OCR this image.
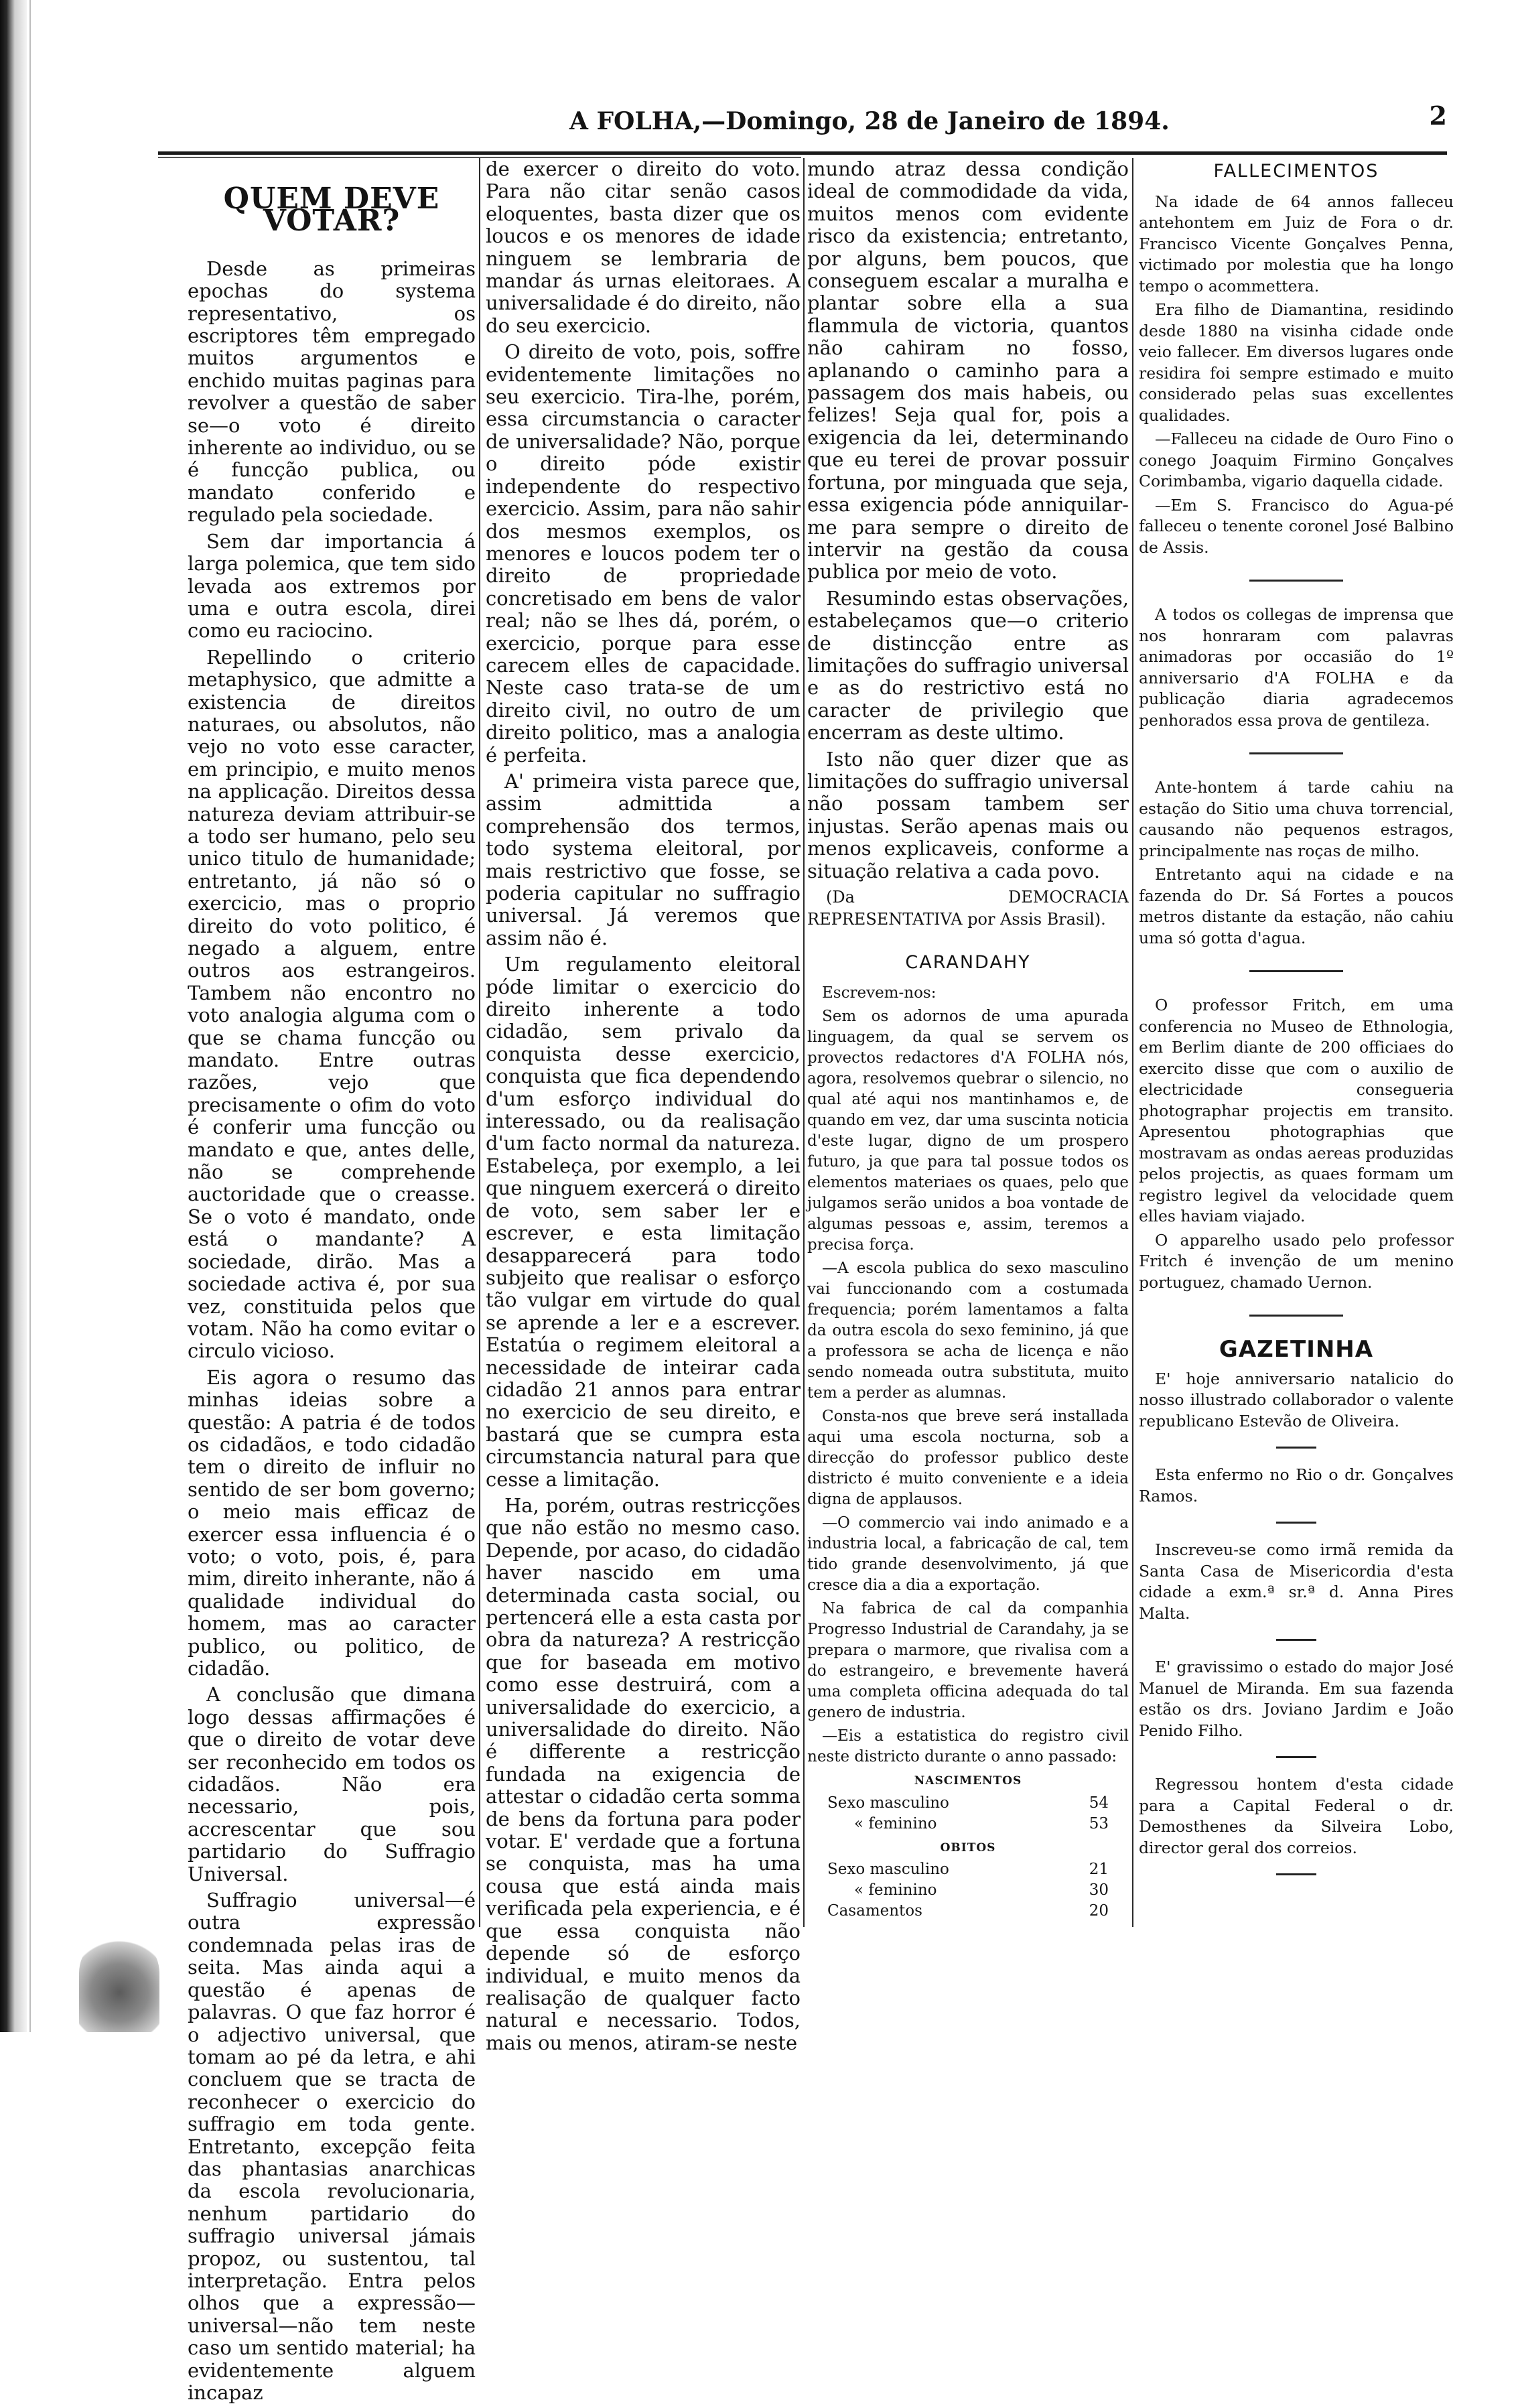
A FOLHA,—Domingo, 28 de Janeiro de 1894.	2
QUEM DEVE VOTAR?

Desde as primeiras epochas do systema representativo, os escriptores têm empregado muitos argumentos e enchido muitas paginas para revolver a questão de saber se—o voto é direito inherente ao individuo, ou se é funcção publica, ou mandato conferido e regulado pela sociedade.

Sem dar importancia á larga polemica, que tem sido levada aos extremos por uma e outra escola, direi como eu raciocino.

Repellindo o criterio metaphysico, que admitte a existencia de direitos naturaes, ou absolutos, não vejo no voto esse caracter, em principio, e muito menos na applicação. Direitos dessa natureza deviam attribuir-se a todo ser humano, pelo seu unico titulo de humanidade; entretanto, já não só o exercicio, mas o proprio direito do voto politico, é negado a alguem, entre outros aos estrangeiros. Tambem não encontro no voto analogia alguma com o que se chama funcção ou mandato. Entre outras razões, vejo que precisamente o ofim do voto é conferir uma funcção ou mandato e que, antes delle, não se comprehende auctoridade que o creasse. Se o voto é mandato, onde está o mandante? A sociedade, dirão. Mas a sociedade activa é, por sua vez, constituida pelos que votam. Não ha como evitar o circulo vicioso.

Eis agora o resumo das minhas ideias sobre a questão: A patria é de todos os cidadãos, e todo cidadão tem o direito de influir no sentido de ser bom governo; o meio mais efficaz de exercer essa influencia é o voto; o voto, pois, é, para mim, direito inherante, não á qualidade individual do homem, mas ao caracter publico, ou politico, de cidadão.

A conclusão que dimana logo dessas affirmações é que o direito de votar deve ser reconhecido em todos os cidadãos. Não era necessario, pois, accrescentar que sou partidario do Suffragio Universal.

Suffragio universal—é outra expressão condemnada pelas iras de seita. Mas ainda aqui a questão é apenas de palavras. O que faz horror é o adjectivo universal, que tomam ao pé da letra, e ahi concluem que se tracta de reconhecer o exercicio do suffragio em toda gente. Entretanto, excepção feita das phantasias anarchicas da escola revolucionaria, nenhum partidario do suffragio universal jámais propoz, ou sustentou, tal interpretação. Entra pelos olhos que a expressão—universal—não tem neste caso um sentido material; ha evidentemente alguem incapaz

de exercer o direito do voto. Para não citar senão casos eloquentes, basta dizer que os loucos e os menores de idade ninguem se lembraria de mandar ás urnas eleitoraes. A universalidade é do direito, não do seu exercicio.

O direito de voto, pois, soffre evidentemente limitações no seu exercicio. Tira-lhe, porém, essa circumstancia o caracter de universalidade? Não, porque o direito póde existir independente do respectivo exercicio. Assim, para não sahir dos mesmos exemplos, os menores e loucos podem ter o direito de propriedade concretisado em bens de valor real; não se lhes dá, porém, o exercicio, porque para esse carecem elles de capacidade. Neste caso trata-se de um direito civil, no outro de um direito politico, mas a analogia é perfeita.

A' primeira vista parece que, assim admittida a comprehensão dos termos, todo systema eleitoral, por mais restrictivo que fosse, se poderia capitular no suffragio universal. Já veremos que assim não é.

Um regulamento eleitoral póde limitar o exercicio do direito inherente a todo cidadão, sem privalo da conquista desse exercicio, conquista que fica dependendo d'um esforço individual do interessado, ou da realisação d'um facto normal da natureza. Estabeleça, por exemplo, a lei que ninguem exercerá o direito de voto, sem saber ler e escrever, e esta limitação desapparecerá para todo subjeito que realisar o esforço tão vulgar em virtude do qual se aprende a ler e a escrever. Estatúa o regimem eleitoral a necessidade de inteirar cada cidadão 21 annos para entrar no exercicio de seu direito, e bastará que se cumpra esta circumstancia natural para que cesse a limitação.

Ha, porém, outras restricções que não estão no mesmo caso. Depende, por acaso, do cidadão haver nascido em uma determinada casta social, ou pertencerá elle a esta casta por obra da natureza? A restricção que for baseada em motivo como esse destruirá, com a universalidade do exercicio, a universalidade do direito. Não é differente a restricção fundada na exigencia de attestar o cidadão certa somma de bens da fortuna para poder votar. E' verdade que a fortuna se conquista, mas ha uma cousa que está ainda mais verificada pela experiencia, e é que essa conquista não depende só de esforço individual, e muito menos da realisação de qualquer facto natural e necessario. Todos, mais ou menos, atiram-se neste

mundo atraz dessa condição ideal de commodidade da vida, muitos menos com evidente risco da existencia; entretanto, por alguns, bem poucos, que conseguem escalar a muralha e plantar sobre ella a sua flammula de victoria, quantos não cahiram no fosso, aplanando o caminho para a passagem dos mais habeis, ou felizes! Seja qual for, pois a exigencia da lei, determinando que eu terei de provar possuir fortuna, por minguada que seja, essa exigencia póde anniquilar-me para sempre o direito de intervir na gestão da cousa publica por meio de voto.

Resumindo estas observações, estabeleçamos que—o criterio de distincção entre as limitações do suffragio universal e as do restrictivo está no caracter de privilegio que encerram as deste ultimo.

Isto não quer dizer que as limitações do suffragio universal não possam tambem ser injustas. Serão apenas mais ou menos explicaveis, conforme a situação relativa a cada povo.

(Da DEMOCRACIA REPRESENTATIVA por Assis Brasil).

CARANDAHY

Escrevem-nos:

Sem os adornos de uma apurada linguagem, da qual se servem os provectos redactores d'A FOLHA nós, agora, resolvemos quebrar o silencio, no qual até aqui nos mantinhamos e, de quando em vez, dar uma suscinta noticia d'este lugar, digno de um prospero futuro, ja que para tal possue todos os elementos materiaes os quaes, pelo que julgamos serão unidos a boa vontade de algumas pessoas e, assim, teremos a precisa força.

—A escola publica do sexo masculino vai funccionando com a costumada frequencia; porém lamentamos a falta da outra escola do sexo feminino, já que a professora se acha de licença e não sendo nomeada outra substituta, muito tem a perder as alumnas.

Consta-nos que breve será installada aqui uma escola nocturna, sob a direcção do professor publico deste districto é muito conveniente e a ideia digna de applausos.

—O commercio vai indo animado e a industria local, a fabricação de cal, tem tido grande desenvolvimento, já que cresce dia a dia a exportação.

Na fabrica de cal da companhia Progresso Industrial de Carandahy, ja se prepara o marmore, que rivalisa com a do estrangeiro, e brevemente haverá uma completa officina adequada do tal genero de industria.

—Eis a estatistica do registro civil neste districto durante o anno passado:

NASCIMENTOS
Sexo masculino	54
« feminino	53
OBITOS
Sexo masculino	21
« feminino	30
Casamentos	20
FALLECIMENTOS

Na idade de 64 annos falleceu antehontem em Juiz de Fora o dr. Francisco Vicente Gonçalves Penna, victimado por molestia que ha longo tempo o acommettera.

Era filho de Diamantina, residindo desde 1880 na visinha cidade onde veio fallecer. Em diversos lugares onde residira foi sempre estimado e muito considerado pelas suas excellentes qualidades.

—Falleceu na cidade de Ouro Fino o conego Joaquim Firmino Gonçalves Corimbamba, vigario daquella cidade.

—Em S. Francisco do Agua-pé falleceu o tenente coronel José Balbino de Assis.

A todos os collegas de imprensa que nos honraram com palavras animadoras por occasião do 1º anniversario d'A FOLHA e da publicação diaria agradecemos penhorados essa prova de gentileza.

Ante-hontem á tarde cahiu na estação do Sitio uma chuva torrencial, causando não pequenos estragos, principalmente nas roças de milho.

Entretanto aqui na cidade e na fazenda do Dr. Sá Fortes a poucos metros distante da estação, não cahiu uma só gotta d'agua.

O professor Fritch, em uma conferencia no Museo de Ethnologia, em Berlim diante de 200 officiaes do exercito disse que com o auxilio de electricidade consegueria photographar projectis em transito. Apresentou photographias que mostravam as ondas aereas produzidas pelos projectis, as quaes formam um registro legivel da velocidade quem elles haviam viajado.

O apparelho usado pelo professor Fritch é invenção de um menino portuguez, chamado Uernon.

GAZETINHA

E' hoje anniversario natalicio do nosso illustrado collaborador o valente republicano Estevão de Oliveira.

Esta enfermo no Rio o dr. Gonçalves Ramos.

Inscreveu-se como irmã remida da Santa Casa de Misericordia d'esta cidade a exm.ª sr.ª d. Anna Pires Malta.

E' gravissimo o estado do major José Manuel de Miranda. Em sua fazenda estão os drs. Joviano Jardim e João Penido Filho.

Regressou hontem d'esta cidade para a Capital Federal o dr. Demosthenes da Silveira Lobo, director geral dos correios.
